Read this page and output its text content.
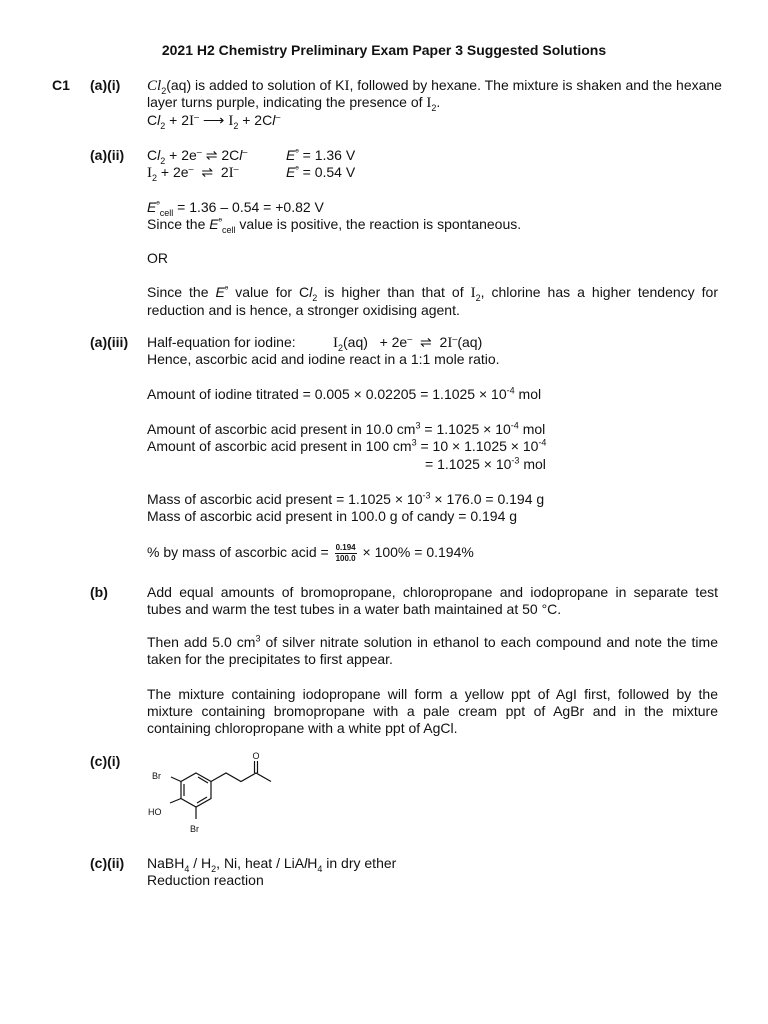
2021 H2 Chemistry Preliminary Exam Paper 3 Suggested Solutions
C1 (a)(i) $Cl_2(aq)$ is added to solution of KI, followed by hexane. The mixture is shaken and the hexane
layer turns purple, indicating the presence of $I_2$.
$Cl_2 + 2I^-$ ⟶ $I_2 + 2Cl^-$
(a)(ii) $Cl_2 + 2e^-$ ⇌ 2Cl–	$E^ᶱ = 1.36$ V
$I_2 + 2e^-$  ⇌  2I–	$E^ᶱ = 0.54$ V
$E^ᶱ_{cell} = 1.36 - 0.54 = +0.82$ V
Since the $E^ᶱ_{cell}$ value is positive, the reaction is spontaneous.
OR
Since the $E^ᶱ$ value for $Cl_2$ is higher than that of $I_2$, chlorine has a higher tendency for reduction and is hence, a stronger oxidising agent.
(a)(iii) Half-equation for iodine: $I_2(aq) + 2e^-$  ⇌  2I–(aq)
Hence, ascorbic acid and iodine react in a 1:1 mole ratio.
Amount of iodine titrated = $0.005 \times 0.02205 = 1.1025 \times 10^{-4}$ mol
Amount of ascorbic acid present in 10.0 $cm^3 = 1.1025 \times 10^{-4}$ mol
Amount of ascorbic acid present in 100 $cm^3 = 10 \times 1.1025 \times 10^{-4}$
= $1.1025 \times 10^{-3}$ mol
Mass of ascorbic acid present = $1.1025 \times 10^{-3} \times 176.0 = 0.194$ g
Mass of ascorbic acid present in 100.0 g of candy = 0.194 g
% by mass of ascorbic acid = $\frac{0.194}{100.0} \times 100\% = 0.194\%$
(b)	Add equal amounts of bromopropane, chloropropane and iodopropane in separate test tubes and warm the test tubes in a water bath maintained at 50 °C.
Then add 5.0 $cm^3$ of silver nitrate solution in ethanol to each compound and note the time taken for the precipitates to first appear.
The mixture containing iodopropane will form a yellow ppt of AgI first, followed by the mixture containing bromopropane with a pale cream ppt of AgBr and in the mixture containing chloropropane with a white ppt of AgCl.
(c)(i)
Br
HO
Br
O
(c)(ii) NaBH$_4$ / $H_2$, Ni, heat / LiAlH$_4$ in dry ether
Reduction reaction
